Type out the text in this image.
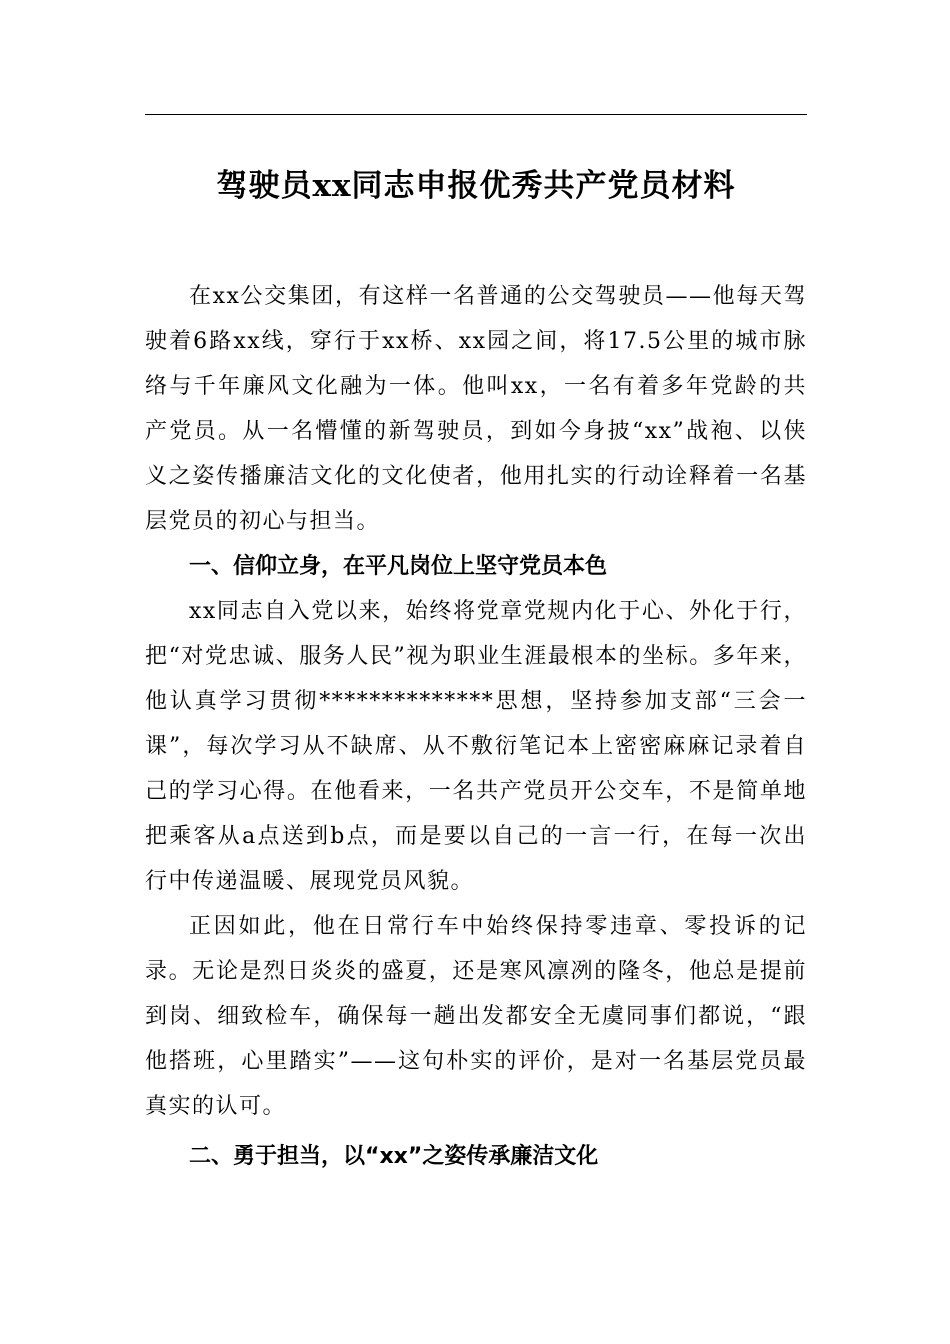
驾驶员xx同志申报优秀共产党员材料

在xx公交集团，有这样一名普通的公交驾驶员——他每天驾驶着6路xx线，穿行于xx桥、xx园之间，将17.5公里的城市脉络与千年廉风文化融为一体。他叫xx，一名有着多年党龄的共产党员。从一名懵懂的新驾驶员，到如今身披“xx”战袍、以侠义之姿传播廉洁文化的文化使者，他用扎实的行动诠释着一名基层党员的初心与担当。

一、信仰立身，在平凡岗位上坚守党员本色

xx同志自入党以来，始终将党章党规内化于心、外化于行，把“对党忠诚、服务人民”视为职业生涯最根本的坐标。多年来，他认真学习贯彻**************思想，坚持参加支部“三会一课”，每次学习从不缺席、从不敷衍笔记本上密密麻麻记录着自己的学习心得。在他看来，一名共产党员开公交车，不是简单地把乘客从a点送到b点，而是要以自己的一言一行，在每一次出行中传递温暖、展现党员风貌。

正因如此，他在日常行车中始终保持零违章、零投诉的记录。无论是烈日炎炎的盛夏，还是寒风凛冽的隆冬，他总是提前到岗、细致检车，确保每一趟出发都安全无虞同事们都说，“跟他搭班，心里踏实”——这句朴实的评价，是对一名基层党员最真实的认可。

二、勇于担当，以“xx”之姿传承廉洁文化
